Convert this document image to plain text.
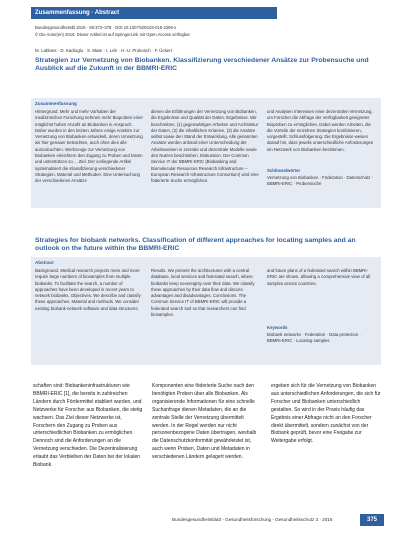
Zusammenfassung · Abstract
Bundesgesundheitsbl 2016 · 59:373–378 · DOI 10.1007/s00103-015-2299-x
© Die Autor(en) 2016. Dieser Artikel ist auf SpringerLink mit Open Access verfügbar
M. Lablans · D. Kadioglu · S. Mate · I. Leb · H.-U. Prokosch · F. Ückert
Strategien zur Vernetzung von Biobanken. Klassifizierung verschiedener Ansätze zur Probensuche und Ausblick auf die Zukunft in der BBMRI-ERIC
Zusammenfassung
Hintergrund. Mehr und mehr Vorhaben der medizinischen Forschung nehmen mehr Bioproben einer möglichst hohen Anzahl an Biobanken in Anspruch. Daher wurden in den letzten Jahren einige Ansätze zur Vernetzung von Biobanken entwickelt, deren Umsetzung wir hier genauer betrachten, auch ohne dies alle auszuleuchten. Werkzeuge zur Vernetzung von Biobanken erleichtern den Zugang zu Proben und Daten und unterstützen so ... Ziel. Der vorliegende Artikel systematisiert die Klassifizierung verschiedener Strategien. Material und Methoden. Eine Untersuchung der verschiedenen Ansätze
dienen die Erfahrungen der Vernetzung von Biobanken, die Ergebnisse und Qualität der Daten. Ergebnisse. Wir beschreiben, (1) gegenwärtigen Arbeiten und Architektur der Daten, (2) die inhaltlichen Kriterien, (3) die Ansätze selbst sowie den Stand der Entwicklung. Alle genannten Ansätze werden anhand einer Unterscheidung der Arbeitsweisen in zentrale und dezentrale Modelle sowie den Nutzen beschrieben. Diskussion. Der Common Service IT der BBMRI-ERIC (Biobanking and Biomolecular Resources Research Infrastructure – European Research Infrastructure Consortium) wird eine föderierte Suche ermöglichen.
und Analysen Interessen einer dezentralen Vernetzung, um Forscher die Abfrage der Verfügbarkeit geeigneter Bioproben zu ermöglichen. Dabei werden Arbeiten, die die Vorteile der einzelnen Strategien kombinieren, vorgestellt. Schlussfolgerung. Die Ergebnisse weisen darauf hin, dass jeweils unterschiedliche Anforderungen ein Netzwerk von Biobanken bestimmen.
Schlüsselwörter
Vernetzung von Biobanken · Föderation · Datenschutz · BBMRI-ERIC · Probensuche
Strategies for biobank networks. Classification of different approaches for locating samples and an outlook on the future within the BBMRI-ERIC
Abstract
Background. Medical research projects more and more require large numbers of biosamples from multiple biobanks. To facilitate the search, a number of approaches have been developed in recent years to network biobanks. Objectives. We describe and classify these approaches. Material and methods. We consider existing biobank network software and data structures.
Results. We present the architectures with a central database, local services and federated search, where biobanks keep sovereignty over their data. We classify these approaches by their data flow and discuss advantages and disadvantages. Conclusions. The Common Service IT of BBMRI-ERIC will provide a federated search tool so that researchers can find biosamples.
and future plans of a federated search within BBMRI-ERIC are shown, allowing a comprehensive view of all samples across countries.
Keywords
Biobank networks · Federation · Data protection · BBMRI-ERIC · Locating samples
schaften sind: Biobankeninfrastrukturen wie BBMRI-ERIC [1], die bereits in zahlreichen Ländern durch Fördermittel etabliert wurden, und Netzwerke für Forscher aus Biobanken, die stetig wachsen. Das Ziel dieser Netzwerke ist, Forschern den Zugang zu Proben aus unterschiedlichen Biobanken zu ermöglichen. Dennoch sind die Anforderungen an die Vernetzung verschieden. Die Dezentralisierung erlaubt das Verbleiben der Daten bei der lokalen Biobank.
Komponenten eine föderierte Suche nach den benötigten Proben über alle Biobanken. Als organisierende Informationen für eine schnelle Suchanfrage dienen Metadaten, die an die zentrale Stelle der Vernetzung übermittelt werden. In der Regel werden nur nicht personenbezogene Daten übertragen, weshalb die Datenschutzkonformität gewährleistet ist, auch wenn Proben, Daten und Metadaten in verschiedenen Ländern gelagert werden.
ergeben sich für die Vernetzung von Biobanken aus unterschiedlichen Anforderungen, die sich für Forscher und Biobanken unterschiedlich gestalten. So wird in der Praxis häufig das Ergebnis einer Abfrage nicht an den Forscher direkt übermittelt, sondern zunächst von der Biobank geprüft, bevor eine Freigabe zur Weitergabe erfolgt.
Bundesgesundheitsblatt - Gesundheitsforschung - Gesundheitsschutz 3 · 2016	375
